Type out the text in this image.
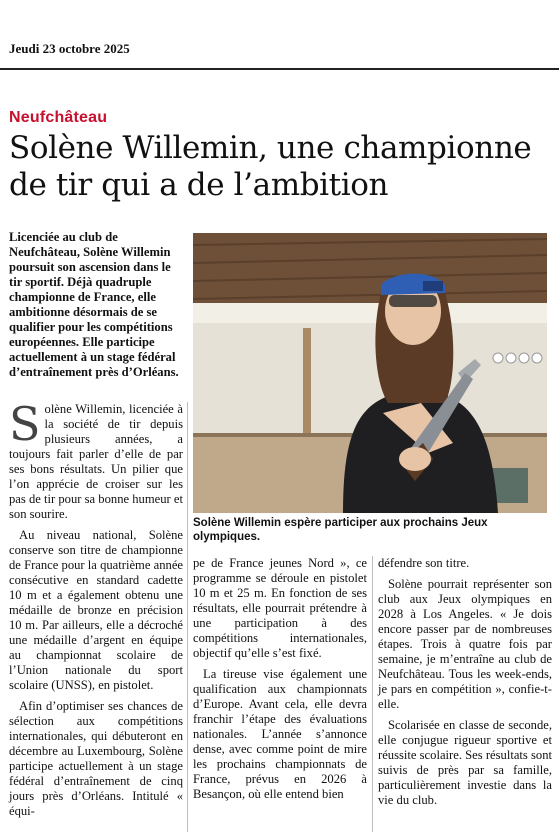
Jeudi 23 octobre 2025
Neufchâteau
Solène Willemin, une championne de tir qui a de l’ambition

Licenciée au club de Neufchâteau, Solène Willemin poursuit son ascension dans le tir sportif. Déjà quadruple championne de France, elle ambitionne désormais de se qualifier pour les compétitions européennes. Elle participe actuellement à un stage fédéral d’entraînement près d’Orléans.

Solène Willemin espère participer aux prochains Jeux olympiques.

Solène Willemin, licenciée à la société de tir depuis plusieurs années, a toujours fait parler d’elle de par ses bons résultats. Un pilier que l’on apprécie de croiser sur les pas de tir pour sa bonne humeur et son sourire.

Au niveau national, Solène conserve son titre de championne de France pour la quatrième année consécutive en standard cadette 10 m et a également obtenu une médaille de bronze en précision 10 m. Par ailleurs, elle a décroché une médaille d’argent en équipe au championnat scolaire de l’Union nationale du sport scolaire (UNSS), en pistolet.

Afin d’optimiser ses chances de sélection aux compétitions internationales, qui débuteront en décembre au Luxembourg, Solène participe actuellement à un stage fédéral d’entraînement de cinq jours près d’Orléans. Intitulé « équi-

pe de France jeunes Nord », ce programme se déroule en pistolet 10 m et 25 m. En fonction de ses résultats, elle pourrait prétendre à une participation à des compétitions internationales, objectif qu’elle s’est fixé.

La tireuse vise également une qualification aux championnats d’Europe. Avant cela, elle devra franchir l’étape des évaluations nationales. L’année s’annonce dense, avec comme point de mire les prochains championnats de France, prévus en 2026 à Besançon, où elle entend bien

défendre son titre.

Solène pourrait représenter son club aux Jeux olympiques en 2028 à Los Angeles. « Je dois encore passer par de nombreuses étapes. Trois à quatre fois par semaine, je m’entraîne au club de Neufchâteau. Tous les week-ends, je pars en compétition », confie-t-elle.

Scolarisée en classe de seconde, elle conjugue rigueur sportive et réussite scolaire. Ses résultats sont suivis de près par sa famille, particulièrement investie dans la vie du club.
